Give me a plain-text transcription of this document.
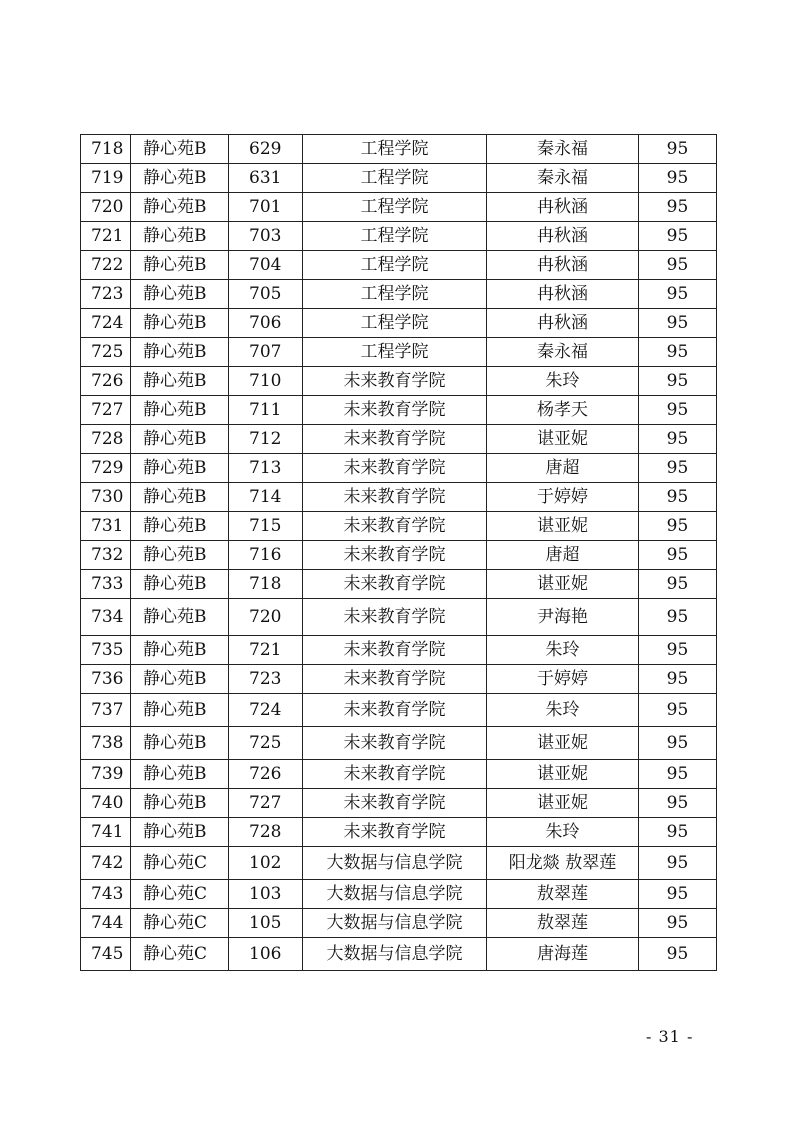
718	静心苑B	629	工程学院	秦永福	95
719	静心苑B	631	工程学院	秦永福	95
720	静心苑B	701	工程学院	冉秋涵	95
721	静心苑B	703	工程学院	冉秋涵	95
722	静心苑B	704	工程学院	冉秋涵	95
723	静心苑B	705	工程学院	冉秋涵	95
724	静心苑B	706	工程学院	冉秋涵	95
725	静心苑B	707	工程学院	秦永福	95
726	静心苑B	710	未来教育学院	朱玲	95
727	静心苑B	711	未来教育学院	杨孝天	95
728	静心苑B	712	未来教育学院	谌亚妮	95
729	静心苑B	713	未来教育学院	唐超	95
730	静心苑B	714	未来教育学院	于婷婷	95
731	静心苑B	715	未来教育学院	谌亚妮	95
732	静心苑B	716	未来教育学院	唐超	95
733	静心苑B	718	未来教育学院	谌亚妮	95
734	静心苑B	720	未来教育学院	尹海艳	95
735	静心苑B	721	未来教育学院	朱玲	95
736	静心苑B	723	未来教育学院	于婷婷	95
737	静心苑B	724	未来教育学院	朱玲	95
738	静心苑B	725	未来教育学院	谌亚妮	95
739	静心苑B	726	未来教育学院	谌亚妮	95
740	静心苑B	727	未来教育学院	谌亚妮	95
741	静心苑B	728	未来教育学院	朱玲	95
742	静心苑C	102	大数据与信息学院	阳龙燚 敖翠莲	95
743	静心苑C	103	大数据与信息学院	敖翠莲	95
744	静心苑C	105	大数据与信息学院	敖翠莲	95
745	静心苑C	106	大数据与信息学院	唐海莲	95
- 31 -
